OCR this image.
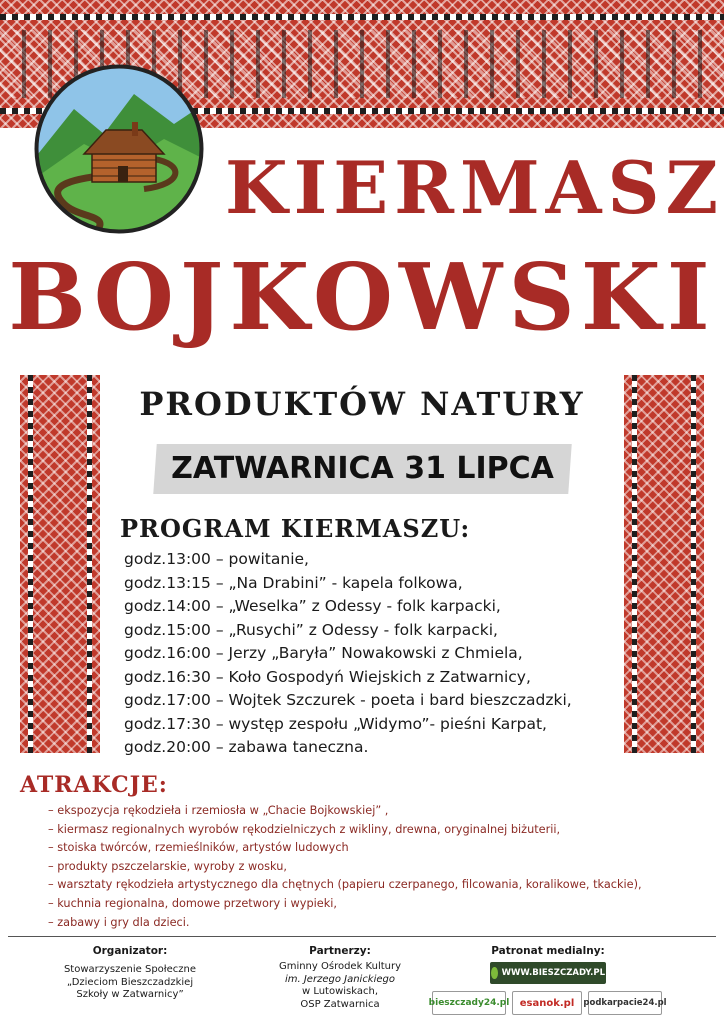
KIERMASZ
BOJKOWSKI
PRODUKTÓW NATURY
ZATWARNICA 31 LIPCA
PROGRAM KIERMASZU:
godz.13:00 – powitanie,
godz.13:15 – „Na Drabini” - kapela folkowa,
godz.14:00 – „Weselka” z Odessy - folk karpacki,
godz.15:00 – „Rusychi” z Odessy - folk karpacki,
godz.16:00 – Jerzy „Baryła” Nowakowski z Chmiela,
godz.16:30 – Koło Gospodyń Wiejskich z Zatwarnicy,
godz.17:00 – Wojtek Szczurek - poeta i bard bieszczadzki,
godz.17:30 – występ zespołu „Widymo”- pieśni Karpat,
godz.20:00 – zabawa taneczna.
ATRAKCJE:
– ekspozycja rękodzieła i rzemiosła w „Chacie Bojkowskiej” ,
– kiermasz regionalnych wyrobów rękodzielniczych z wikliny, drewna, oryginalnej biżuterii,
– stoiska twórców, rzemieślników, artystów ludowych
– produkty pszczelarskie, wyroby z wosku,
– warsztaty rękodzieła artystycznego dla chętnych (papieru czerpanego, filcowania, koralikowe, tkackie),
– kuchnia regionalna, domowe przetwory i wypieki,
– zabawy i gry dla dzieci.
Organizator:
Stowarzyszenie Społeczne
„Dzieciom Bieszczadzkiej
Szkoły w Zatwarnicy”
Partnerzy:
Gminny Ośrodek Kultury
im. Jerzego Janickiego
w Lutowiskach,
OSP Zatwarnica
Patronat medialny:
WWW.BIESZCZADY.PL
bieszczady24.pl esanok.pl podkarpacie24.pl
